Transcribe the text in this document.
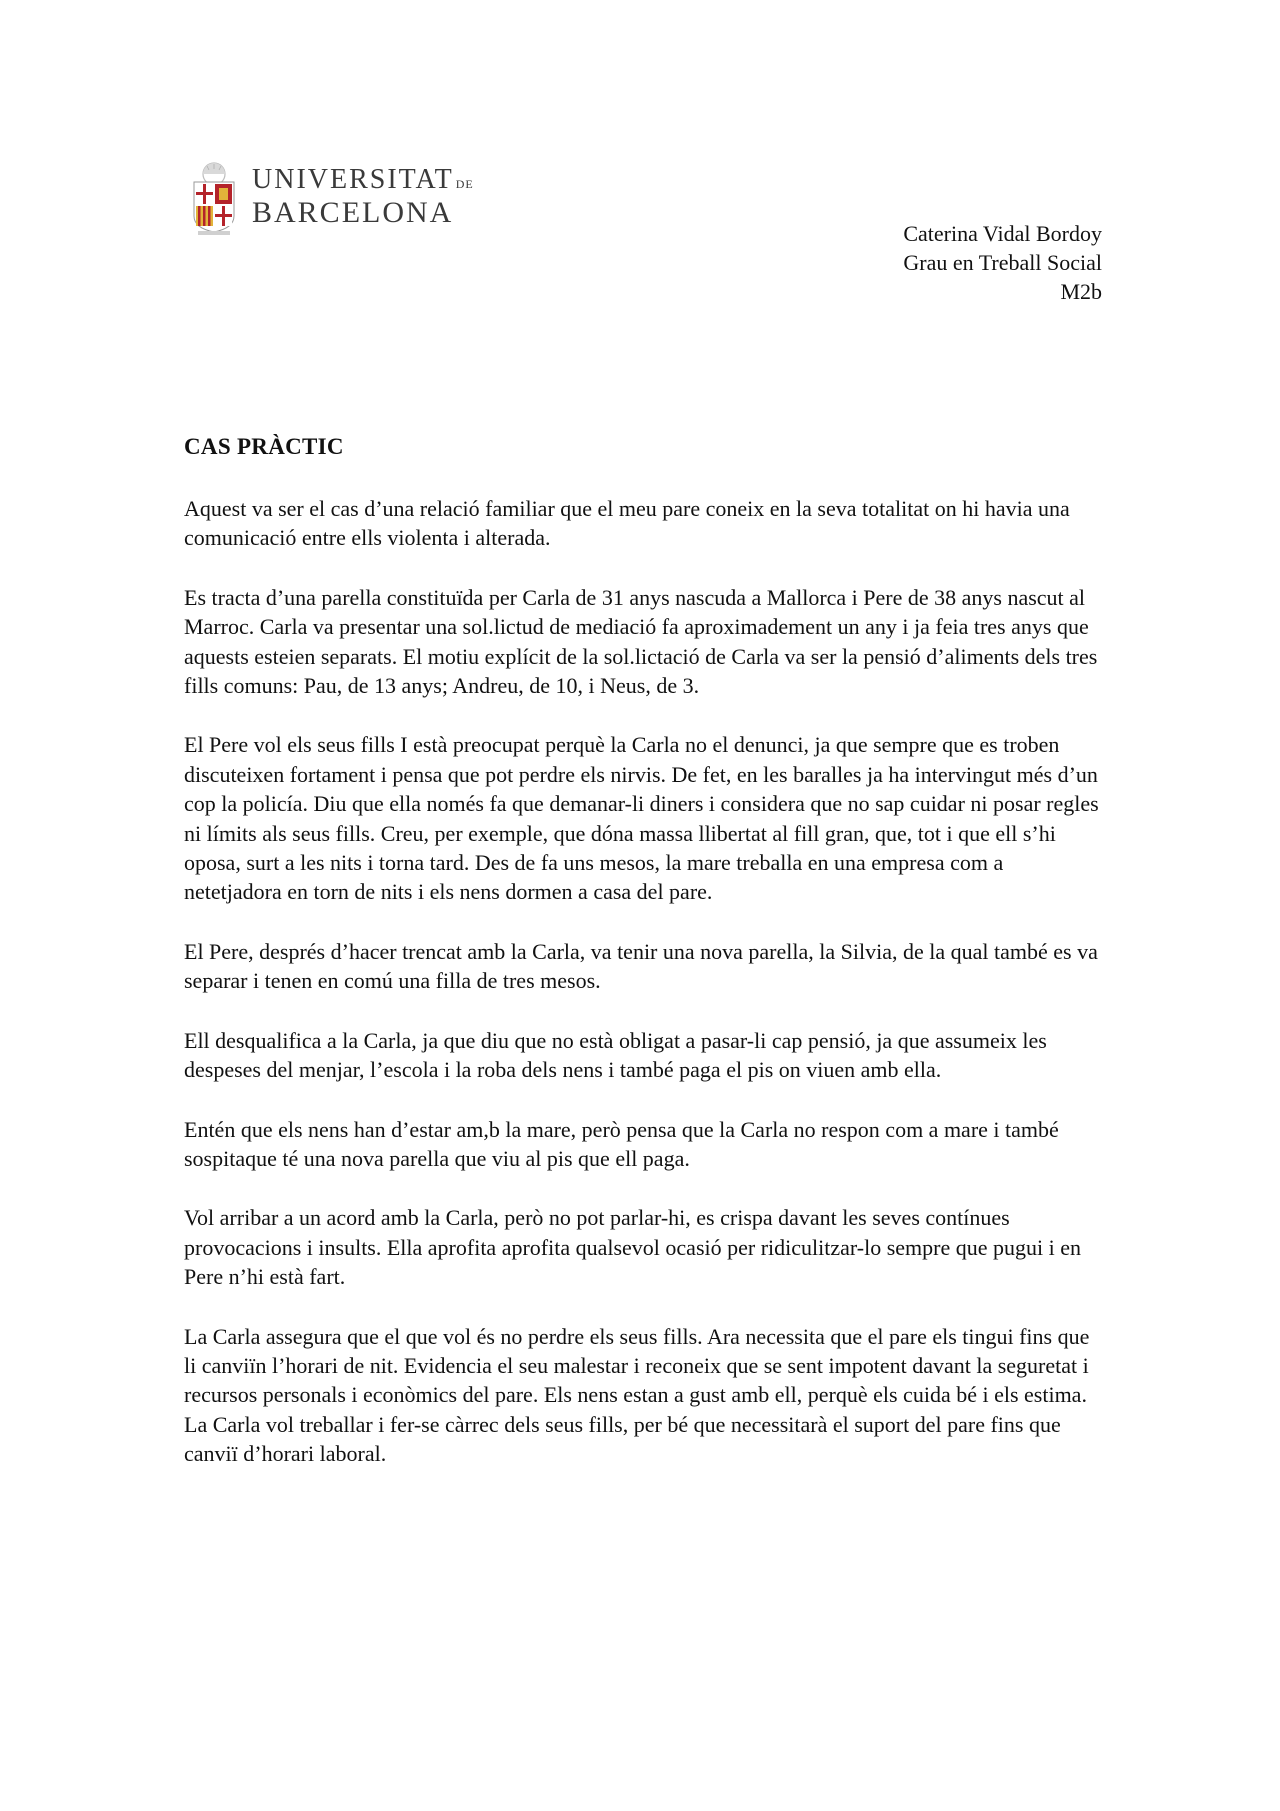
UNIVERSITAT DE
BARCELONA
Caterina Vidal Bordoy
Grau en Treball Social
M2b
CAS PRÀCTIC

Aquest va ser el cas d’una relació familiar que el meu pare coneix en la seva totalitat on hi havia una comunicació entre ells violenta i alterada.

Es tracta d’una parella constituïda per Carla de 31 anys nascuda a Mallorca i Pere de 38 anys nascut al Marroc. Carla va presentar una sol.lictud de mediació fa aproximadement un any i ja feia tres anys que aquests esteien separats. El motiu explícit de la sol.lictació de Carla va ser la pensió d’aliments dels tres fills comuns: Pau, de 13 anys; Andreu, de 10, i Neus, de 3.

El Pere vol els seus fills I està preocupat perquè la Carla no el denunci, ja que sempre que es troben discuteixen fortament i pensa que pot perdre els nirvis. De fet, en les baralles ja ha intervingut més d’un cop la policía. Diu que ella només fa que demanar-li diners i considera que no sap cuidar ni posar regles ni límits als seus fills. Creu, per exemple, que dóna massa llibertat al fill gran, que, tot i que ell s’hi oposa, surt a les nits i torna tard. Des de fa uns mesos, la mare treballa en una empresa com a netetjadora en torn de nits i els nens dormen a casa del pare.

El Pere, després d’hacer trencat amb la Carla, va tenir una nova parella, la Silvia, de la qual també es va separar i tenen en comú una filla de tres mesos.

Ell desqualifica a la Carla, ja que diu que no està obligat a pasar-li cap pensió, ja que assumeix les despeses del menjar, l’escola i la roba dels nens i també paga el pis on viuen amb ella.

Entén que els nens han d’estar am,b la mare, però pensa que la Carla no respon com a mare i també sospitaque té una nova parella que viu al pis que ell paga.

Vol arribar a un acord amb la Carla, però no pot parlar-hi, es crispa davant les seves contínues provocacions i insults. Ella aprofita aprofita qualsevol ocasió per ridiculitzar-lo sempre que pugui i en Pere n’hi està fart.

La Carla assegura que el que vol és no perdre els seus fills. Ara necessita que el pare els tingui fins que li canviïn l’horari de nit. Evidencia el seu malestar i reconeix que se sent impotent davant la seguretat i recursos personals i econòmics del pare. Els nens estan a gust amb ell, perquè els cuida bé i els estima. La Carla vol treballar i fer-se càrrec dels seus fills, per bé que necessitarà el suport del pare fins que canviï d’horari laboral.
